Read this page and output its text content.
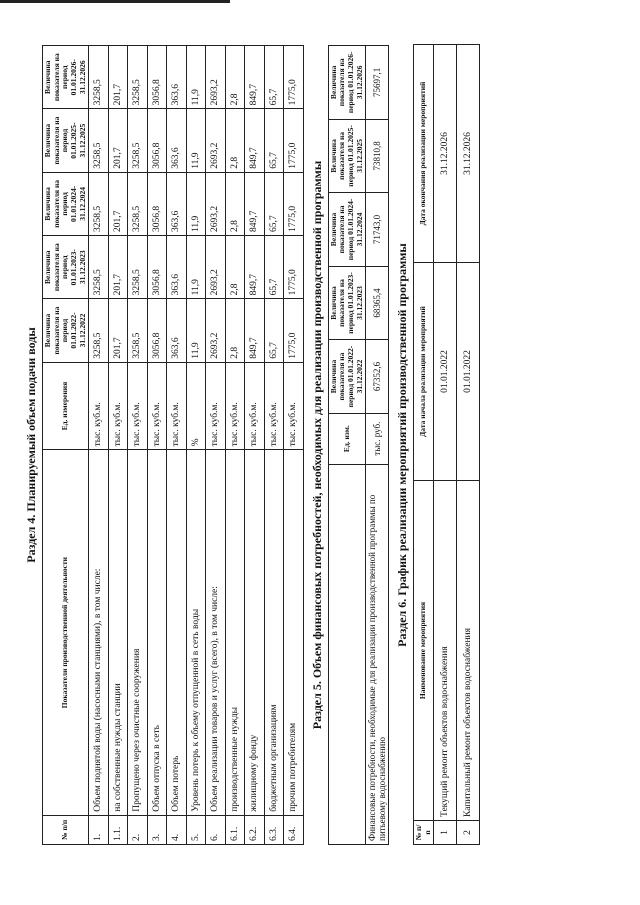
Раздел 4. Планируемый объем подачи воды
№ п/п	Показатели производственной деятельности	Ед. измерения	Величина показателя на период 01.01.2022-31.12.2022	Величина показателя на период 01.01.2023-31.12.2023	Величина показателя на период 01.01.2024-31.12.2024	Величина показателя на период 01.01.2025-31.12.2025	Величина показателя на период 01.01.2026-31.12.2026
1.	Объем поднятой воды (насосными станциями), в том числе:	тыс. куб.м.	3258,5	3258,5	3258,5	3258,5	3258,5
1.1.	на собственные нужды станции	тыс. куб.м.	201,7	201,7	201,7	201,7	201,7
2.	Пропущено через очистные сооружения	тыс. куб.м.	3258,5	3258,5	3258,5	3258,5	3258,5
3.	Объем отпуска в сеть	тыс. куб.м.	3056,8	3056,8	3056,8	3056,8	3056,8
4.	Объем потерь	тыс. куб.м.	363,6	363,6	363,6	363,6	363,6
5.	Уровень потерь к объему отпущенной в сеть воды	%	11,9	11,9	11,9	11,9	11,9
6.	Объем реализации товаров и услуг (всего), в том числе:	тыс. куб.м.	2693,2	2693,2	2693,2	2693,2	2693,2
6.1.	производственные нужды	тыс. куб.м.	2,8	2,8	2,8	2,8	2,8
6.2.	жилищному фонду	тыс. куб.м.	849,7	849,7	849,7	849,7	849,7
6.3.	бюджетным организациям	тыс. куб.м.	65,7	65,7	65,7	65,7	65,7
6.4.	прочим потребителям	тыс. куб.м.	1775,0	1775,0	1775,0	1775,0	1775,0
Раздел 5. Объем финансовых потребностей, необходимых для реализации производственной программы
	Ед. изм.	Величина показателя на период 01.01.2022-31.12.2022	Величина показателя на период 01.01.2023-31.12.2023	Величина показателя на период 01.01.2024-31.12.2024	Величина показателя на период 01.01.2025-31.12.2025	Величина показателя на период 01.01.2026-31.12.2026
Финансовые потребности, необходимые для реализации производственной программы по питьевому водоснабжению	тыс. руб.	67352,6	68365,4	71743,0	73810,8	75697,1
Раздел 6. График реализации мероприятий производственной программы
№ п/п	Наименование мероприятия	Дата начала реализации мероприятий	Дата окончания реализации мероприятий
1	Текущий ремонт объектов водоснабжения	01.01.2022	31.12.2026
2	Капитальный ремонт объектов водоснабжения	01.01.2022	31.12.2026
